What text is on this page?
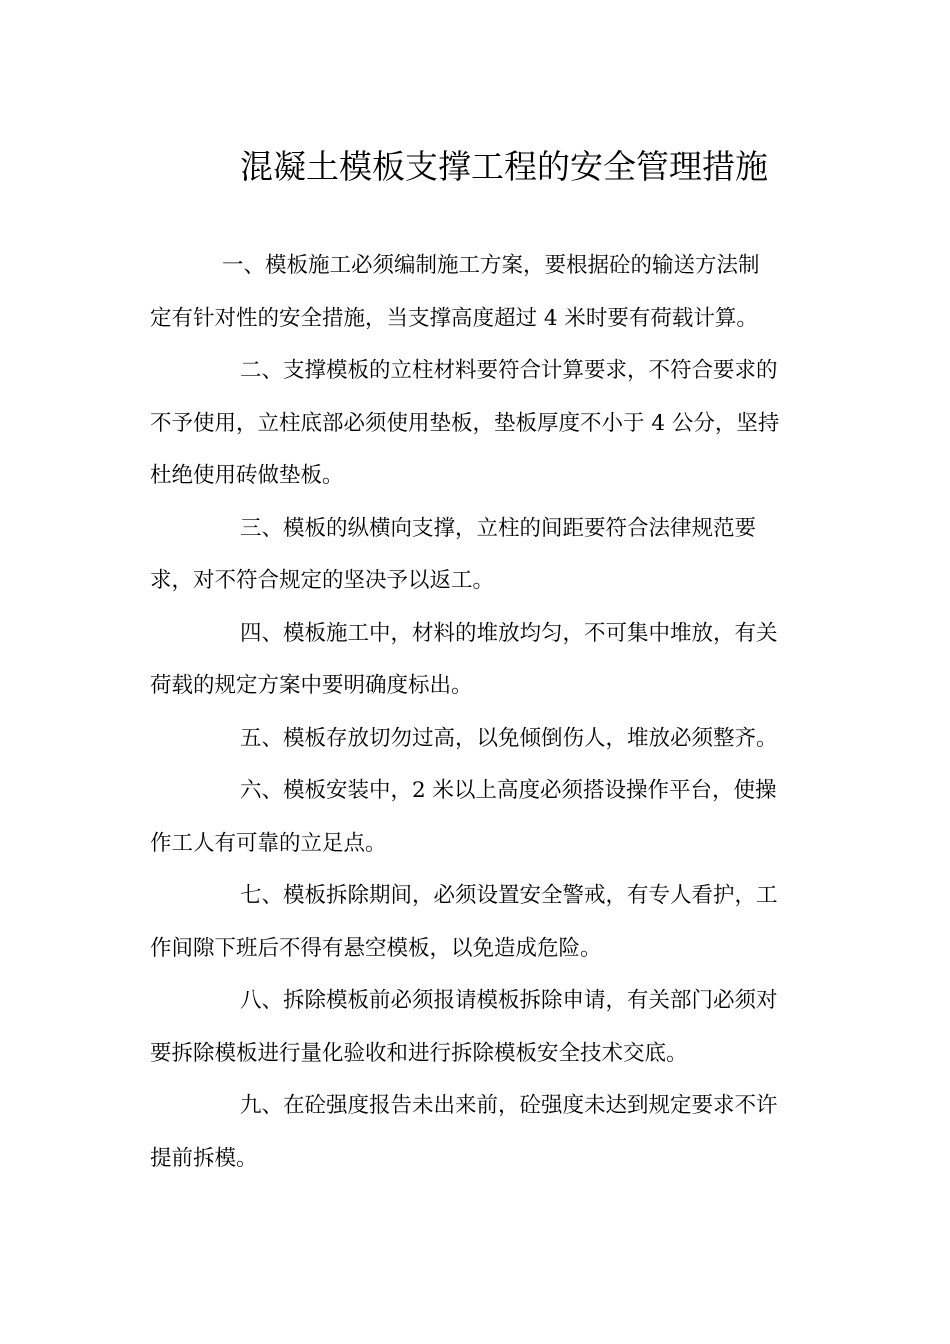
混凝土模板支撑工程的安全管理措施

一、模板施工必须编制施工方案，要根据砼的输送方法制
定有针对性的安全措施，当支撑高度超过 4 米时要有荷载计算。

二、支撑模板的立柱材料要符合计算要求，不符合要求的
不予使用，立柱底部必须使用垫板，垫板厚度不小于 4 公分，坚持
杜绝使用砖做垫板。

三、模板的纵横向支撑，立柱的间距要符合法律规范要
求，对不符合规定的坚决予以返工。

四、模板施工中，材料的堆放均匀，不可集中堆放，有关
荷载的规定方案中要明确度标出。

五、模板存放切勿过高，以免倾倒伤人，堆放必须整齐。

六、模板安装中，2 米以上高度必须搭设操作平台，使操
作工人有可靠的立足点。

七、模板拆除期间，必须设置安全警戒，有专人看护，工
作间隙下班后不得有悬空模板，以免造成危险。

八、拆除模板前必须报请模板拆除申请，有关部门必须对
要拆除模板进行量化验收和进行拆除模板安全技术交底。

九、在砼强度报告未出来前，砼强度未达到规定要求不许
提前拆模。
